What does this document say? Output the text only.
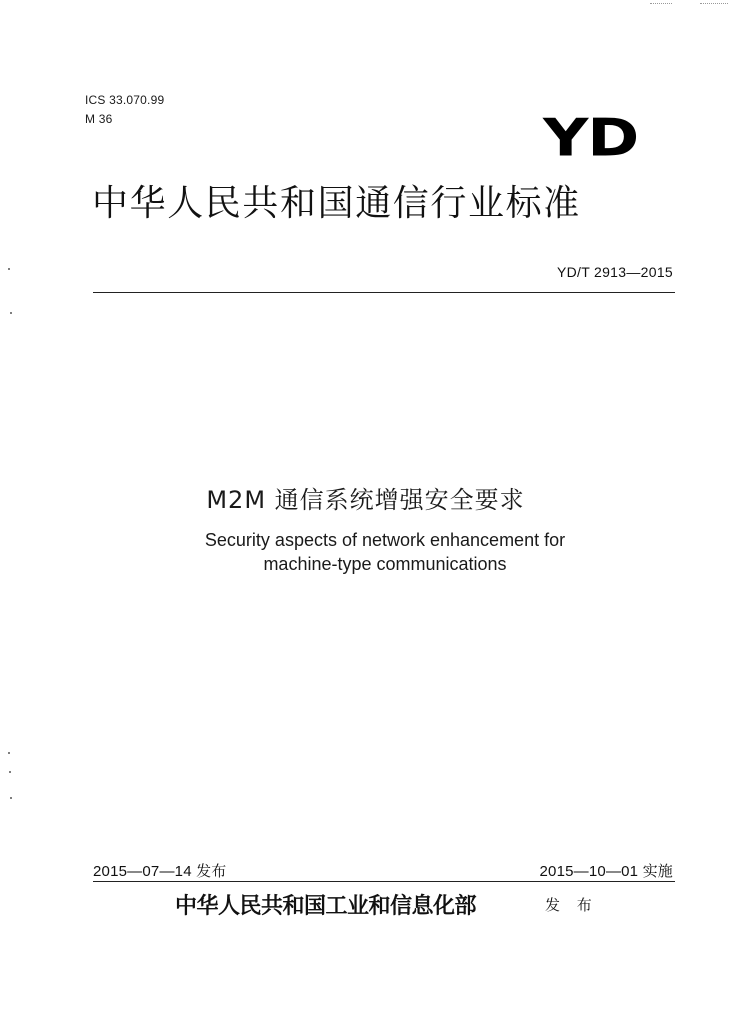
ICS 33.070.99
M 36	YD
中华人民共和国通信行业标准
YD/T 2913—2015
M2M 通信系统增强安全要求
Security aspects of network enhancement for
machine-type communications
2015—07—14 发布	2015—10—01 实施
中华人民共和国工业和信息化部	发 布
